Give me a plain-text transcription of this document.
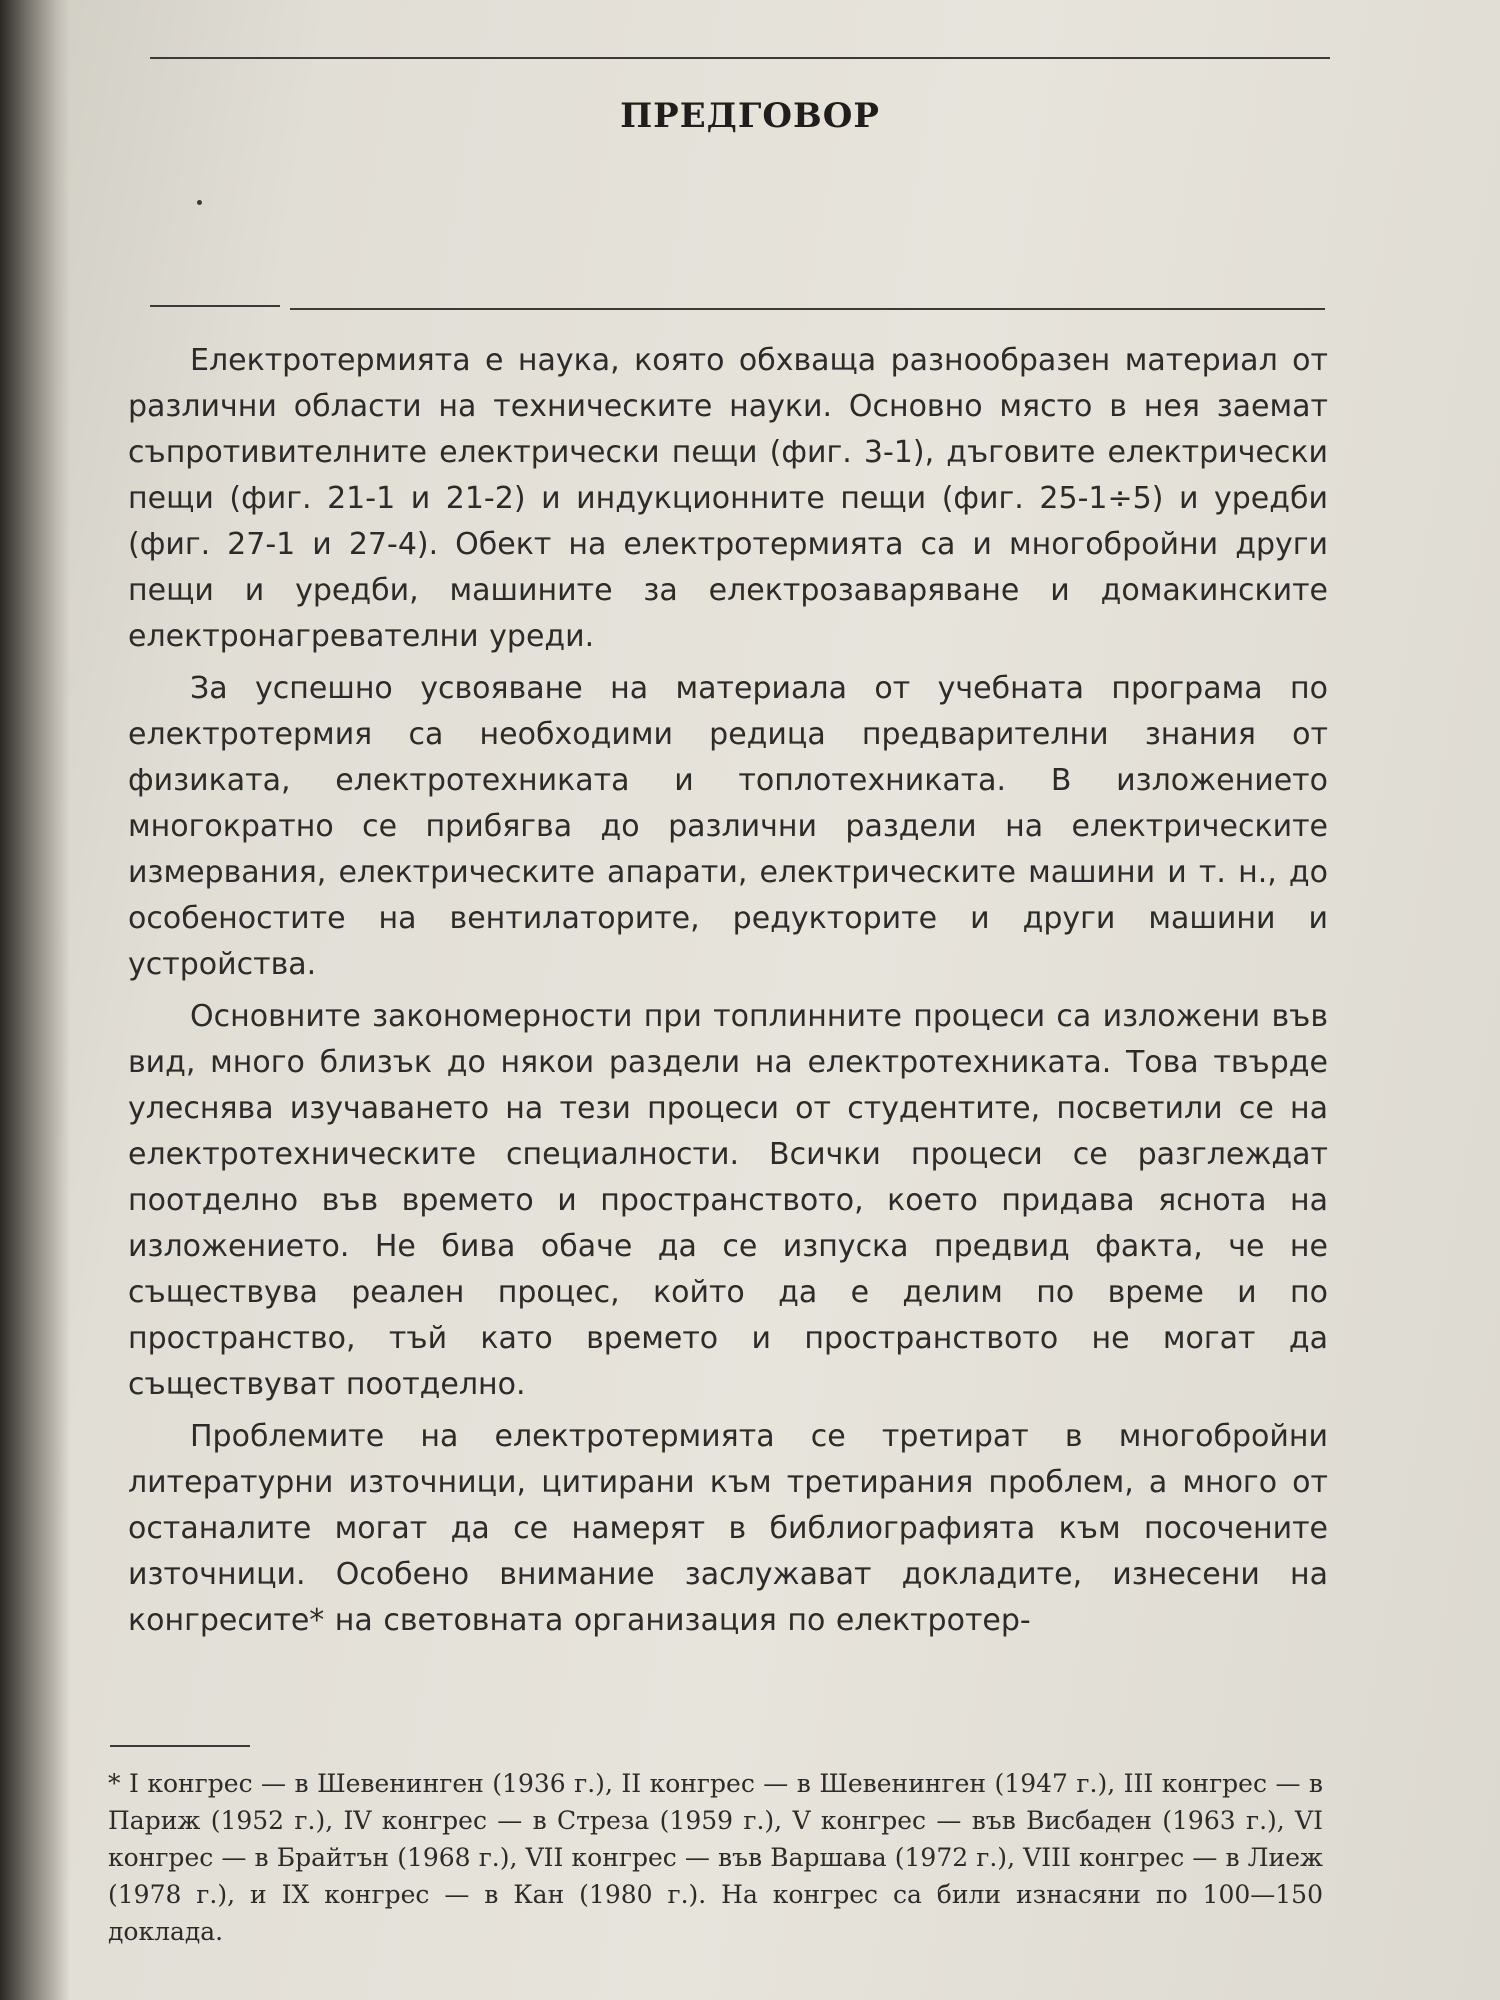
ПРЕДГОВОР

Електротермията е наука, която обхваща разнообразен материал от различни области на техническите науки. Основно място в нея заемат съпротивителните електрически пещи (фиг. 3-1), дъговите електрически пещи (фиг. 21-1 и 21-2) и индукционните пещи (фиг. 25-1÷5) и уредби (фиг. 27-1 и 27-4). Обект на електротермията са и многобройни други пещи и уредби, машините за електрозаваряване и домакинските електронагревателни уреди.

За успешно усвояване на материала от учебната програма по електротермия са необходими редица предварителни знания от физиката, електротехниката и топлотехниката. В изложението многократно се прибягва до различни раздели на електрическите измервания, електрическите апарати, електрическите машини и т. н., до особеностите на вентилаторите, редукторите и други машини и устройства.

Основните закономерности при топлинните процеси са изложени във вид, много близък до някои раздели на електротехниката. Това твърде улеснява изучаването на тези процеси от студентите, посветили се на електротехническите специалности. Всички процеси се разглеждат поотделно във времето и пространството, което придава яснота на изложението. Не бива обаче да се изпуска предвид факта, че не съществува реален процес, който да е делим по време и по пространство, тъй като времето и пространството не могат да съществуват поотделно.

Проблемите на електротермията се третират в многобройни литературни източници, цитирани към третирания проблем, а много от останалите могат да се намерят в библиографията към посочените източници. Особено внимание заслужават докладите, изнесени на конгресите* на световната организация по електротер-

* I конгрес — в Шевенинген (1936 г.), II конгрес — в Шевенинген (1947 г.), III конгрес — в Париж (1952 г.), IV конгрес — в Стреза (1959 г.), V конгрес — във Висбаден (1963 г.), VI конгрес — в Брайтън (1968 г.), VII конгрес — във Варшава (1972 г.), VIII конгрес — в Лиеж (1978 г.), и IX конгрес — в Кан (1980 г.). На конгрес са били изнасяни по 100—150 доклада.
